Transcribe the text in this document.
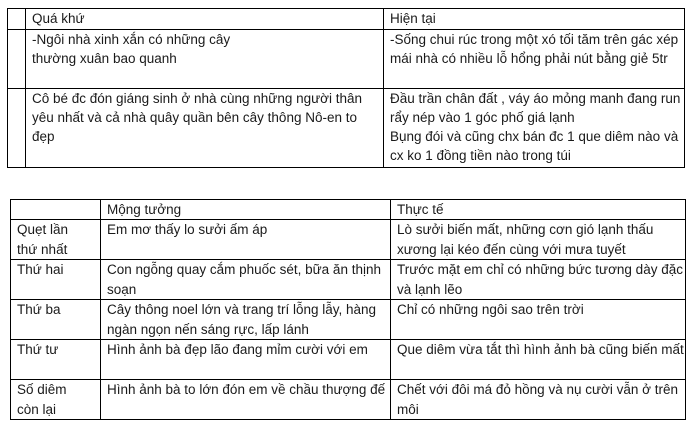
	Quá khứ	Hiện tại

	-Ngôi nhà xinh xắn có những cây thường xuân bao quanh	-Sống chui rúc trong một xó tối tăm trên gác xép mái nhà có nhiều lỗ hổng phải nút bằng giẻ 5tr

	Cô bé đc đón giáng sinh ở nhà cùng những người thân yêu nhất và cả nhà quây quần bên cây thông Nô-en to đẹp	Đầu trần chân đất , váy áo mỏng manh đang run rẩy nép vào 1 góc phố giá lạnh
Bụng đói và cũng chx bán đc 1 que diêm nào và cx ko 1 đồng tiền nào trong túi
	Mộng tưởng	Thực tế

Quẹt lần thứ nhất	Em mơ thấy lo sưởi ấm áp	Lò sưởi biến mất, những cơn gió lạnh thấu xương lại kéo đến cùng với mưa tuyết
Thứ hai	Con ngỗng quay cắm phuốc sét, bữa ăn thịnh soạn	Trước mặt em chỉ có những bức tương dày đặc và lạnh lẽo
Thứ ba	Cây thông noel lớn và trang trí lỗng lẫy, hàng ngàn ngọn nến sáng rực, lấp lánh	Chỉ có những ngôi sao trên trời
Thứ tư	Hình ảnh bà đẹp lão đang mỉm cười với em	Que diêm vừa tắt thì hình ảnh bà cũng biến mất

Số diêm còn lại	Hình ảnh bà to lớn đón em về chầu thượng đế	Chết với đôi má đỏ hồng và nụ cười vẫn ở trên môi
